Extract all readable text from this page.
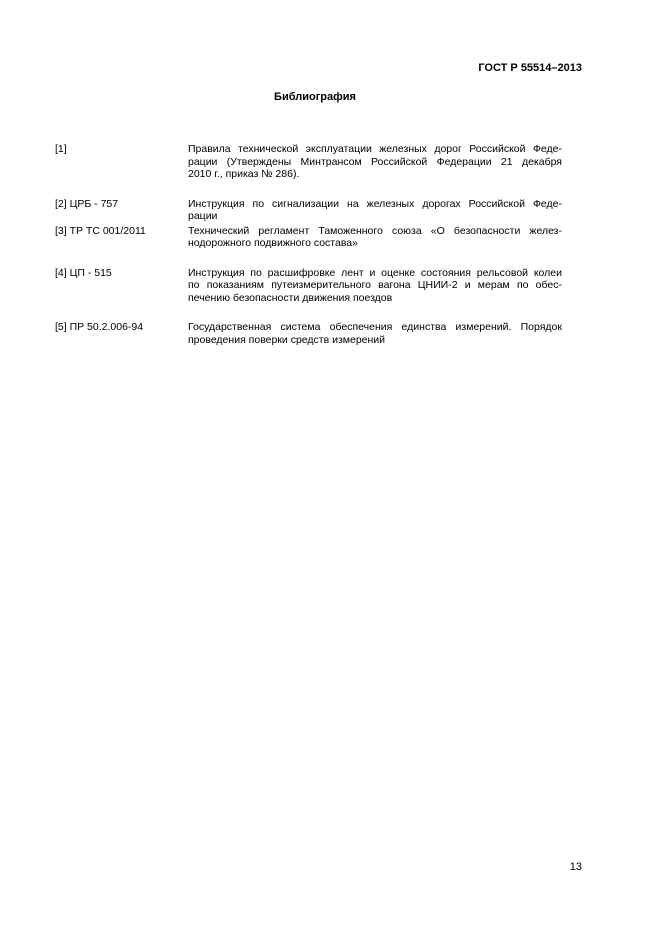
ГОСТ Р 55514–2013
Библиография
[1]	Правила технической эксплуатации железных дорог Российской Феде-
рации (Утверждены Минтрансом Российской Федерации 21 декабря
2010 г., приказ № 286).
[2] ЦРБ - 757	Инструкция по сигнализации на железных дорогах Российской Феде-
рации
[3] ТР ТС 001/2011	Технический регламент Таможенного союза «О безопасности желез-
нодорожного подвижного состава»
[4] ЦП - 515	Инструкция по расшифровке лент и оценке состояния рельсовой колеи
по показаниям путеизмерительного вагона ЦНИИ-2 и мерам по обес-
печению безопасности движения поездов
[5] ПР 50.2.006-94	Государственная система обеспечения единства измерений. Порядок
проведения поверки средств измерений
13
